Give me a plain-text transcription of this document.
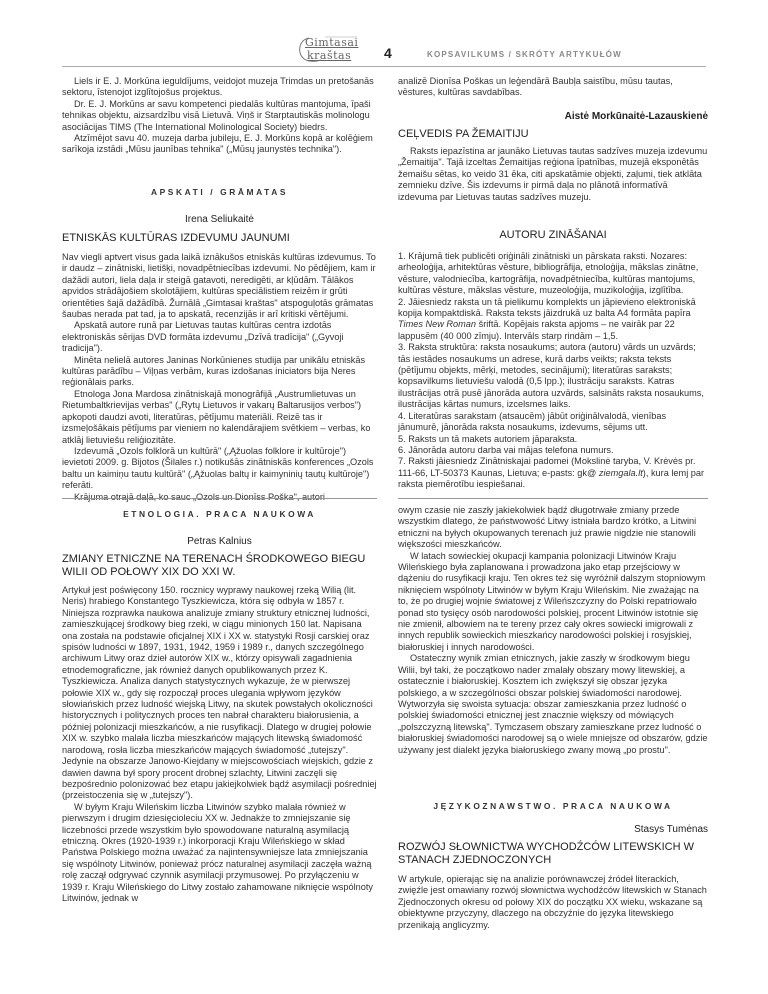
Gimtasai
kraštas 4	KOPSAVILKUMS / SKRÓTY ARTYKUŁÓW

Liels ir E. J. Morkūna ieguldījums, veidojot muzeja Trimdas un pretošanās sektoru, īstenojot izglītojošus projektus.

Dr. E. J. Morkūns ar savu kompetenci piedalās kultūras mantojuma, īpaši tehnikas objektu, aizsardzību visā Lietuvā. Viņš ir Starptautiskās molinologu asociācijas TIMS (The International Molinological Society) biedrs.

Atzīmējot savu 40. muzeja darba jubileju, E. J. Morkūns kopā ar kolēģiem sarīkoja izstādi „Mūsu jaunības tehnika" („Mūsų jaunystės technika").

APSKATI / GRĀMATAS
Irena Seliukaitė
ETNISKĀS KULTŪRAS IZDEVUMU JAUNUMI

Nav viegli aptvert visus gada laikā iznākušos etniskās kultūras izdevumus. To ir daudz – zinātniski, lietišķi, novadpētniecības izdevumi. No pēdējiem, kam ir dažādi autori, liela daļa ir steigā gatavoti, neredigēti, ar kļūdām. Tālākos apvidos strādājošiem skolotājiem, kultūras speciālistiem reizēm ir grūti orientēties šajā dažādībā. Žurnālā „Gimtasai kraštas" atspoguļotās grāmatas šaubas nerada pat tad, ja to apskatā, recenzijās ir arī kritiski vērtējumi.

Apskatā autore runā par Lietuvas tautas kultūras centra izdotās elektroniskās sērijas DVD formāta izdevumu „Dzīvā tradīcija" („Gyvoji tradicija").

Minēta nelielā autores Janinas Norkūnienes studija par unikālu etniskās kultūras parādību – Viļņas verbām, kuras izdošanas iniciators bija Neres reģionālais parks.

Etnologa Jona Mardosa zinātniskajā monogrāfijā „Austrumlietuvas un Rietumbaltkrievijas verbas" („Rytų Lietuvos ir vakarų Baltarusijos verbos") apkopoti daudzi avoti, literatūras, pētījumu materiāli. Reizē tas ir izsmeļošākais pētījums par vieniem no kalendārajiem svētkiem – verbas, ko atklāj lietuviešu reliģiozitāte.

Izdevumā „Ozols folklorā un kultūrā" („Ąžuolas folklore ir kultūroje") ievietoti 2009. g. Bijotos (Šilales r.) notikušās zinātniskās konferences „Ozols baltu un kaimiņu tautu kultūrā" („Ąžuolas baltų ir kaimyninių tautų kultūroje") referāti.

Krājuma otrajā daļā, ko sauc „Ozols un Dionīss Poška", autori

analizē Dionīsa Poškas un leģendārā Baubļa saistību, mūsu tautas, vēstures, kultūras savdabības.

Aistė Morkūnaitė-Lazauskienė
CEĻVEDIS PA ŽEMAITIJU

Raksts iepazīstina ar jaunāko Lietuvas tautas sadzīves muzeja izdevumu „Žemaitija". Tajā izceltas Žemaitijas reģiona īpatnības, muzejā eksponētās žemaišu sētas, ko veido 31 ēka, citi apskatāmie objekti, zaļumi, tiek atklāta zemnieku dzīve. Šis izdevums ir pirmā daļa no plānotā informatīvā izdevuma par Lietuvas tautas sadzīves muzeju.

AUTORU ZINĀŠANAI

1. Krājumā tiek publicēti oriģināli zinātniski un pārskata raksti. Nozares: arheoloģija, arhitektūras vēsture, bibliogrāfija, etnoloģija, mākslas zinātne, vēsture, valodniecība, kartogrāfija, novadpētniecība, kultūras mantojums, kultūras vēsture, mākslas vēsture, muzeoloģija, muzikoloģija, izglītība.

2. Jāiesniedz raksta un tā pielikumu komplekts un jāpievieno elektroniskā kopija kompaktdiskā. Raksta teksts jāizdrukā uz balta A4 formāta papīra Times New Roman šriftā. Kopējais raksta apjoms – ne vairāk par 22 lappusēm (40 000 zīmju). Intervāls starp rindām – 1,5.

3. Raksta struktūra: raksta nosaukums; autora (autoru) vārds un uzvārds; tās iestādes nosaukums un adrese, kurā darbs veikts; raksta teksts (pētījumu objekts, mērķi, metodes, secinājumi); literatūras saraksts; kopsavilkums lietuviešu valodā (0,5 lpp.); ilustrāciju saraksts. Katras ilustrācijas otrā pusē jānorāda autora uzvārds, salsināts raksta nosaukums, ilustrācijas kārtas numurs, izcelsmes laiks.

4. Literatūras sarakstam (atsaucēm) jābūt oriģinālvalodā, vienības jānumurē, jānorāda raksta nosaukums, izdevums, sējums utt.

5. Raksts un tā makets autoriem jāparaksta.

6. Jānorāda autoru darba vai mājas telefona numurs.

7. Raksti jāiesniedz Zinātniskajai padomei (Mokslinė taryba, V. Krėvės pr. 111-66, LT-50373 Kaunas, Lietuva; e-pasts: gk@ ziemgala.lt), kura lemj par raksta piemērotību iespiešanai.

ETNOLOGIA. PRACA NAUKOWA
Petras Kalnius
ZMIANY ETNICZNE NA TERENACH ŚRODKOWEGO BIEGU WILII OD POŁOWY XIX DO XXI W.

Artykuł jest poświęcony 150. rocznicy wyprawy naukowej rzeką Wilią (lit. Neris) hrabiego Konstantego Tyszkiewicza, która się odbyła w 1857 r. Niniejsza rozprawka naukowa analizuje zmiany struktury etnicznej ludności, zamieszkującej środkowy bieg rzeki, w ciągu minionych 150 lat. Napisana ona została na podstawie oficjalnej XIX i XX w. statystyki Rosji carskiej oraz spisów ludności w 1897, 1931, 1942, 1959 i 1989 r., danych szczególnego archiwum Litwy oraz dzieł autorów XIX w., którzy opisywali zagadnienia etnodemograficzne, jak również danych opublikowanych przez K. Tyszkiewicza. Analiza danych statystycznych wykazuje, że w pierwszej połowie XIX w., gdy się rozpoczął proces ulegania wpływom języków słowiańskich przez ludność wiejską Litwy, na skutek powstałych okoliczności historycznych i politycznych proces ten nabrał charakteru białorusienia, a później polonizacji mieszkańców, a nie rusyfikacji. Dlatego w drugiej połowie XIX w. szybko malała liczba mieszkańców mających litewską świadomość narodową, rosła liczba mieszkańców mających świadomość „tutejszy". Jedynie na obszarze Janowo-Kiejdany w miejscowościach wiejskich, gdzie z dawien dawna był spory procent drobnej szlachty, Litwini zaczęli się bezpośrednio polonizować bez etapu jakiejkolwiek bądź asymilacji pośredniej (przeistoczenia się w „tutejszy").

W byłym Kraju Wileńskim liczba Litwinów szybko malała również w pierwszym i drugim dziesięcioleciu XX w. Jednakże to zmniejszanie się liczebności przede wszystkim było spowodowane naturalną asymilacją etniczną. Okres (1920-1939 r.) inkorporacji Kraju Wileńskiego w skład Państwa Polskiego można uważać za najintensywniejsze lata zmniejszania się wspólnoty Litwinów, ponieważ prócz naturalnej asymilacji zaczęła ważną rolę zaczął odgrywać czynnik asymilacji przymusowej. Po przyłączeniu w 1939 r. Kraju Wileńskiego do Litwy zostało zahamowane niknięcie wspólnoty Litwinów, jednak w

owym czasie nie zaszły jakiekolwiek bądź długotrwałe zmiany przede wszystkim dlatego, że państwowość Litwy istniała bardzo krótko, a Litwini etniczni na byłych okupowanych terenach już prawie nigdzie nie stanowili większości mieszkańców.

W latach sowieckiej okupacji kampania polonizacji Litwinów Kraju Wileńskiego była zaplanowana i prowadzona jako etap przejściowy w dążeniu do rusyfikacji kraju. Ten okres też się wyróżnił dalszym stopniowym niknięciem wspólnoty Litwinów w byłym Kraju Wileńskim. Nie zważając na to, że po drugiej wojnie światowej z Wileńszczyzny do Polski repatriowało ponad sto tysięcy osób narodowości polskiej, procent Litwinów istotnie się nie zmienił, albowiem na te tereny przez cały okres sowiecki imigrowali z innych republik sowieckich mieszkańcy narodowości polskiej i rosyjskiej, białoruskiej i innych narodowości.

Ostateczny wynik zmian etnicznych, jakie zaszły w środkowym biegu Wilii, był taki, że początkowo nader zmalały obszary mowy litewskiej, a ostatecznie i białoruskiej. Kosztem ich zwiększył się obszar języka polskiego, a w szczególności obszar polskiej świadomości narodowej. Wytworzyła się swoista sytuacja: obszar zamieszkania przez ludność o polskiej świadomości etnicznej jest znacznie większy od mówiących „polszczyzną litewską". Tymczasem obszary zamieszkane przez ludność o białoruskiej świadomości narodowej są o wiele mniejsze od obszarów, gdzie używany jest dialekt języka białoruskiego zwany mową „po prostu".

JĘZYKOZNAWSTWO. PRACA NAUKOWA
Stasys Tumėnas
ROZWÓJ SŁOWNICTWA WYCHODŹCÓW LITEWSKICH W STANACH ZJEDNOCZONYCH

W artykule, opierając się na analizie porównawczej źródeł literackich, zwięźle jest omawiany rozwój słownictwa wychodźców litewskich w Stanach Zjednoczonych okresu od połowy XIX do początku XX wieku, wskazane są obiektywne przyczyny, dlaczego na obczyźnie do języka litewskiego przenikają anglicyzmy.
